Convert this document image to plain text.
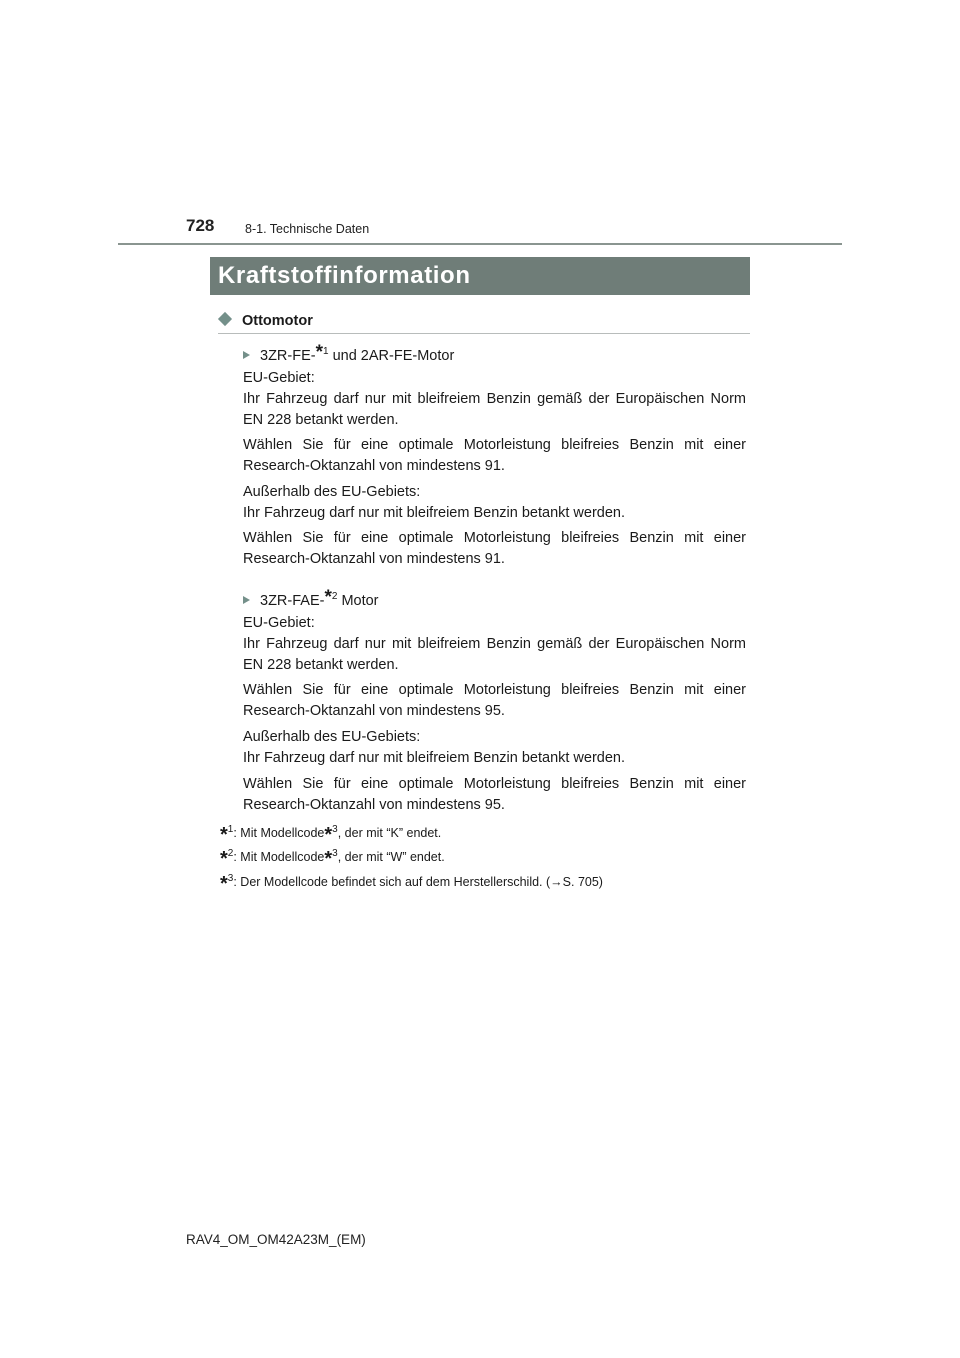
728 8-1. Technische Daten
Kraftstoffinformation
Ottomotor
3ZR-FE-*$^1$ und 2AR-FE-Motor

EU-Gebiet:

Ihr Fahrzeug darf nur mit bleifreiem Benzin gemäß der Europäischen Norm EN 228 betankt werden.

Wählen Sie für eine optimale Motorleistung bleifreies Benzin mit einer Research-Oktanzahl von mindestens 91.

Außerhalb des EU-Gebiets:

Ihr Fahrzeug darf nur mit bleifreiem Benzin betankt werden.

Wählen Sie für eine optimale Motorleistung bleifreies Benzin mit einer Research-Oktanzahl von mindestens 91.

3ZR-FAE-*$^2$ Motor

EU-Gebiet:

Ihr Fahrzeug darf nur mit bleifreiem Benzin gemäß der Europäischen Norm EN 228 betankt werden.

Wählen Sie für eine optimale Motorleistung bleifreies Benzin mit einer Research-Oktanzahl von mindestens 95.

Außerhalb des EU-Gebiets:

Ihr Fahrzeug darf nur mit bleifreiem Benzin betankt werden.

Wählen Sie für eine optimale Motorleistung bleifreies Benzin mit einer Research-Oktanzahl von mindestens 95.

*$^1$: Mit Modellcode*$^3$, der mit “K” endet.
*$^2$: Mit Modellcode*$^3$, der mit “W” endet.
*$^3$: Der Modellcode befindet sich auf dem Herstellerschild. (→S. 705)
RAV4_OM_OM42A23M_(EM)
